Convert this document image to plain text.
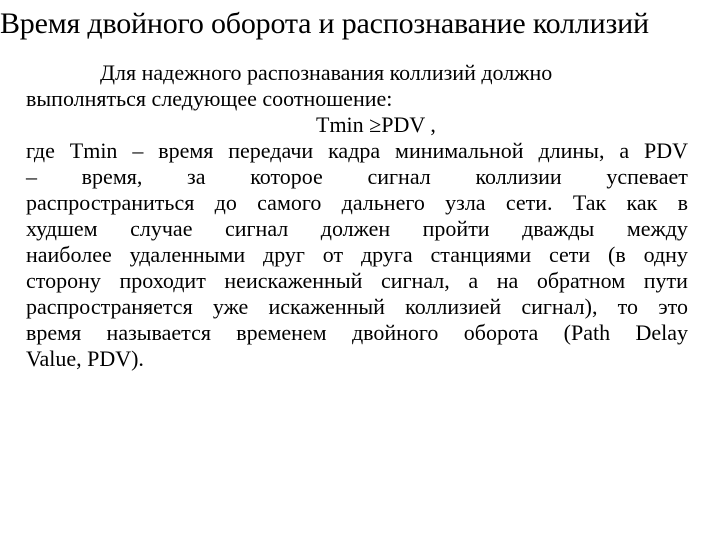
Время двойного оборота и распознавание коллизий
Для надежного распознавания коллизий должно
выполняться следующее соотношение:
Tmin ≥PDV ,
где Tmin – время передачи кадра минимальной длины, а PDV
– время, за которое сигнал коллизии успевает
распространиться до самого дальнего узла сети. Так как в
худшем случае сигнал должен пройти дважды между
наиболее удаленными друг от друга станциями сети (в одну
сторону проходит неискаженный сигнал, а на обратном пути
распространяется уже искаженный коллизией сигнал), то это
время называется временем двойного оборота (Path Delay
Value, PDV).
